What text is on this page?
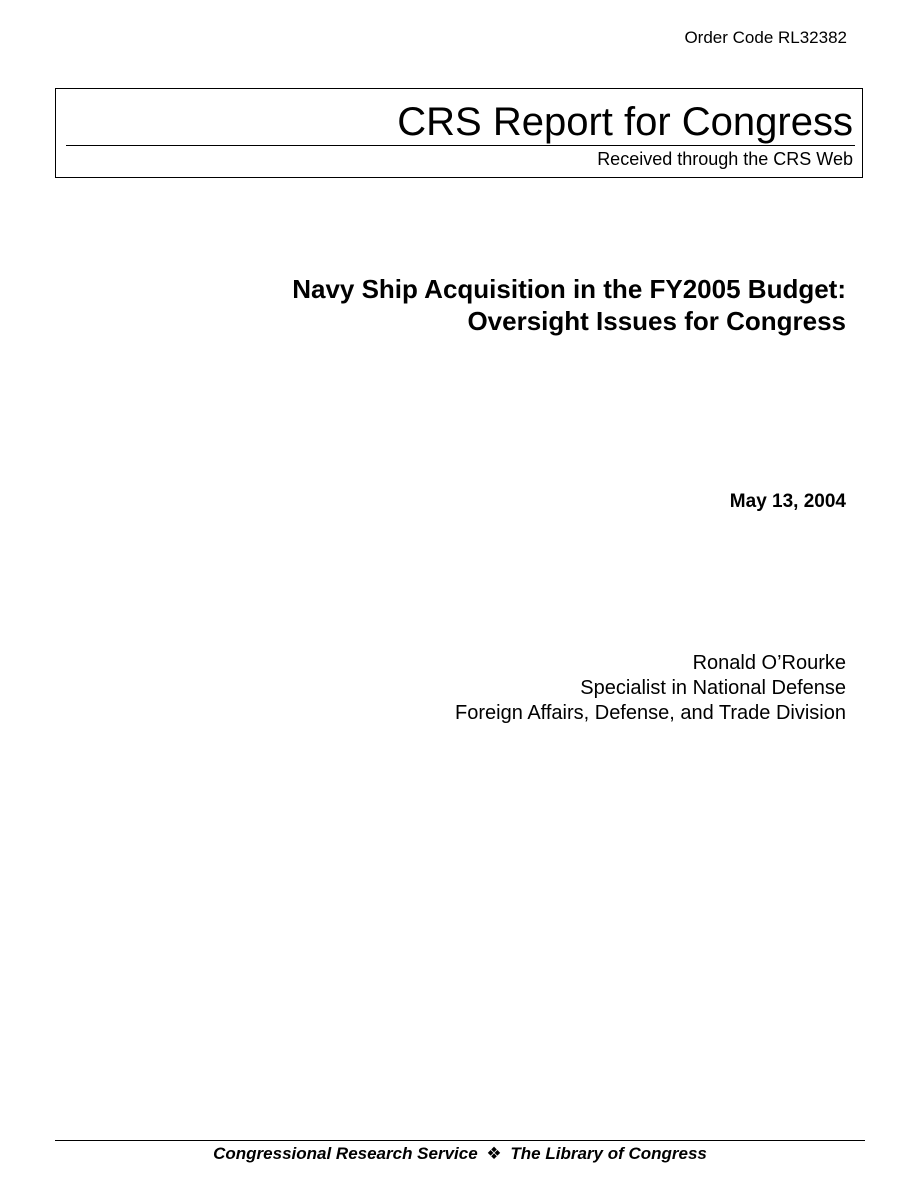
Order Code RL32382
CRS Report for Congress
Received through the CRS Web
Navy Ship Acquisition in the FY2005 Budget:
Oversight Issues for Congress
May 13, 2004
Ronald O’Rourke
Specialist in National Defense
Foreign Affairs, Defense, and Trade Division
Congressional Research Service ❖ The Library of Congress
